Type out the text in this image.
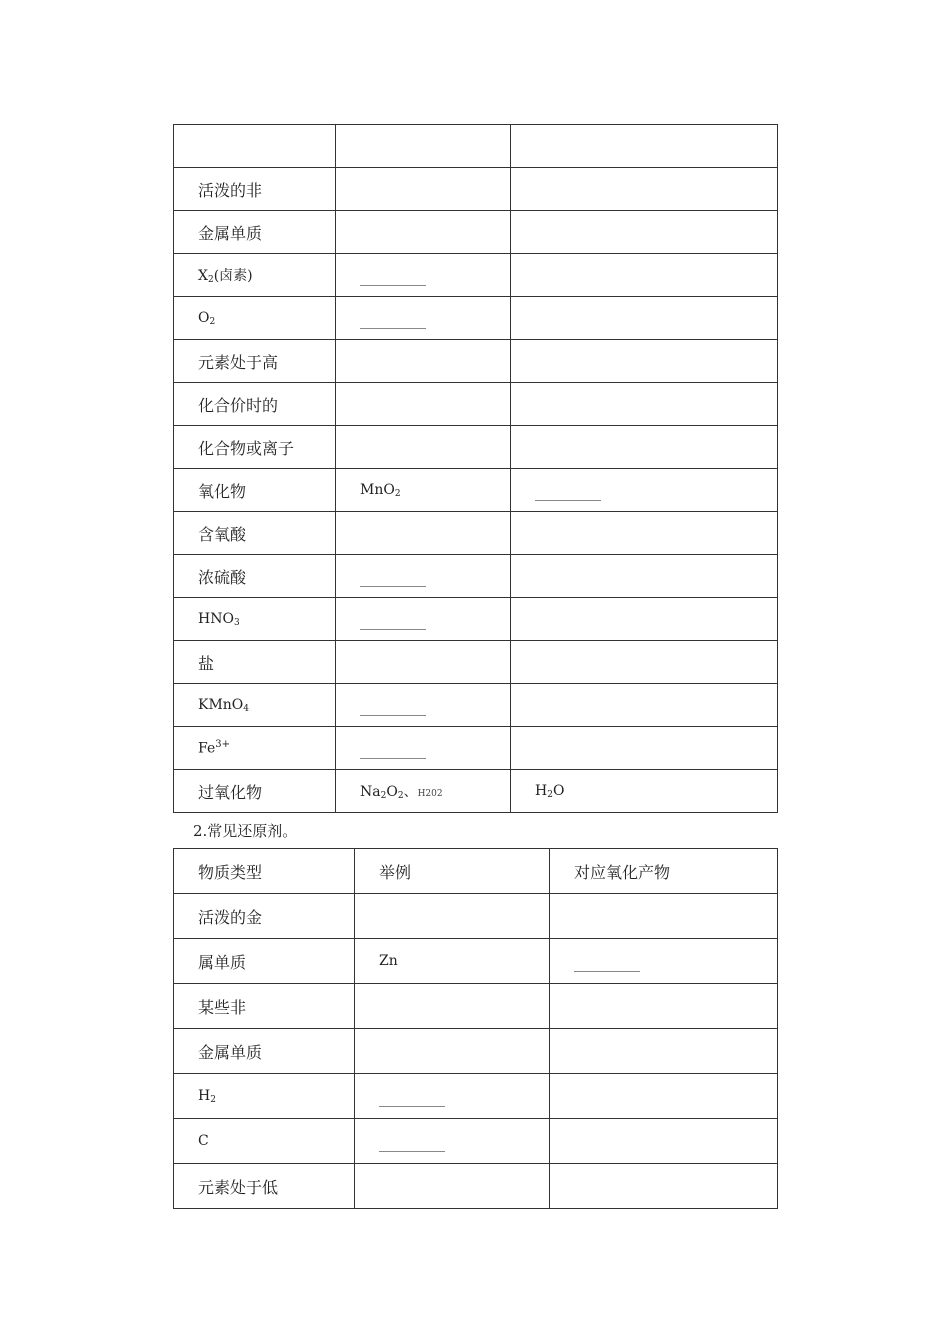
活泼的非		
金属单质		
$X_2$(卤素)		
$O_2$		
元素处于高		
化合价时的		
化合物或离子		
氧化物	MnO$_2$	
含氧酸		
浓硫酸		
$HNO_3$		
盐		
KMnO$_4$		
$Fe^{3+}$		
过氧化物	$Na_2O_2$、H202	$H_2O$
2.常见还原剂。
物质类型	举例	对应氧化产物
活泼的金		
属单质	Zn	
某些非		
金属单质		
$H_2$		
C		
元素处于低		
